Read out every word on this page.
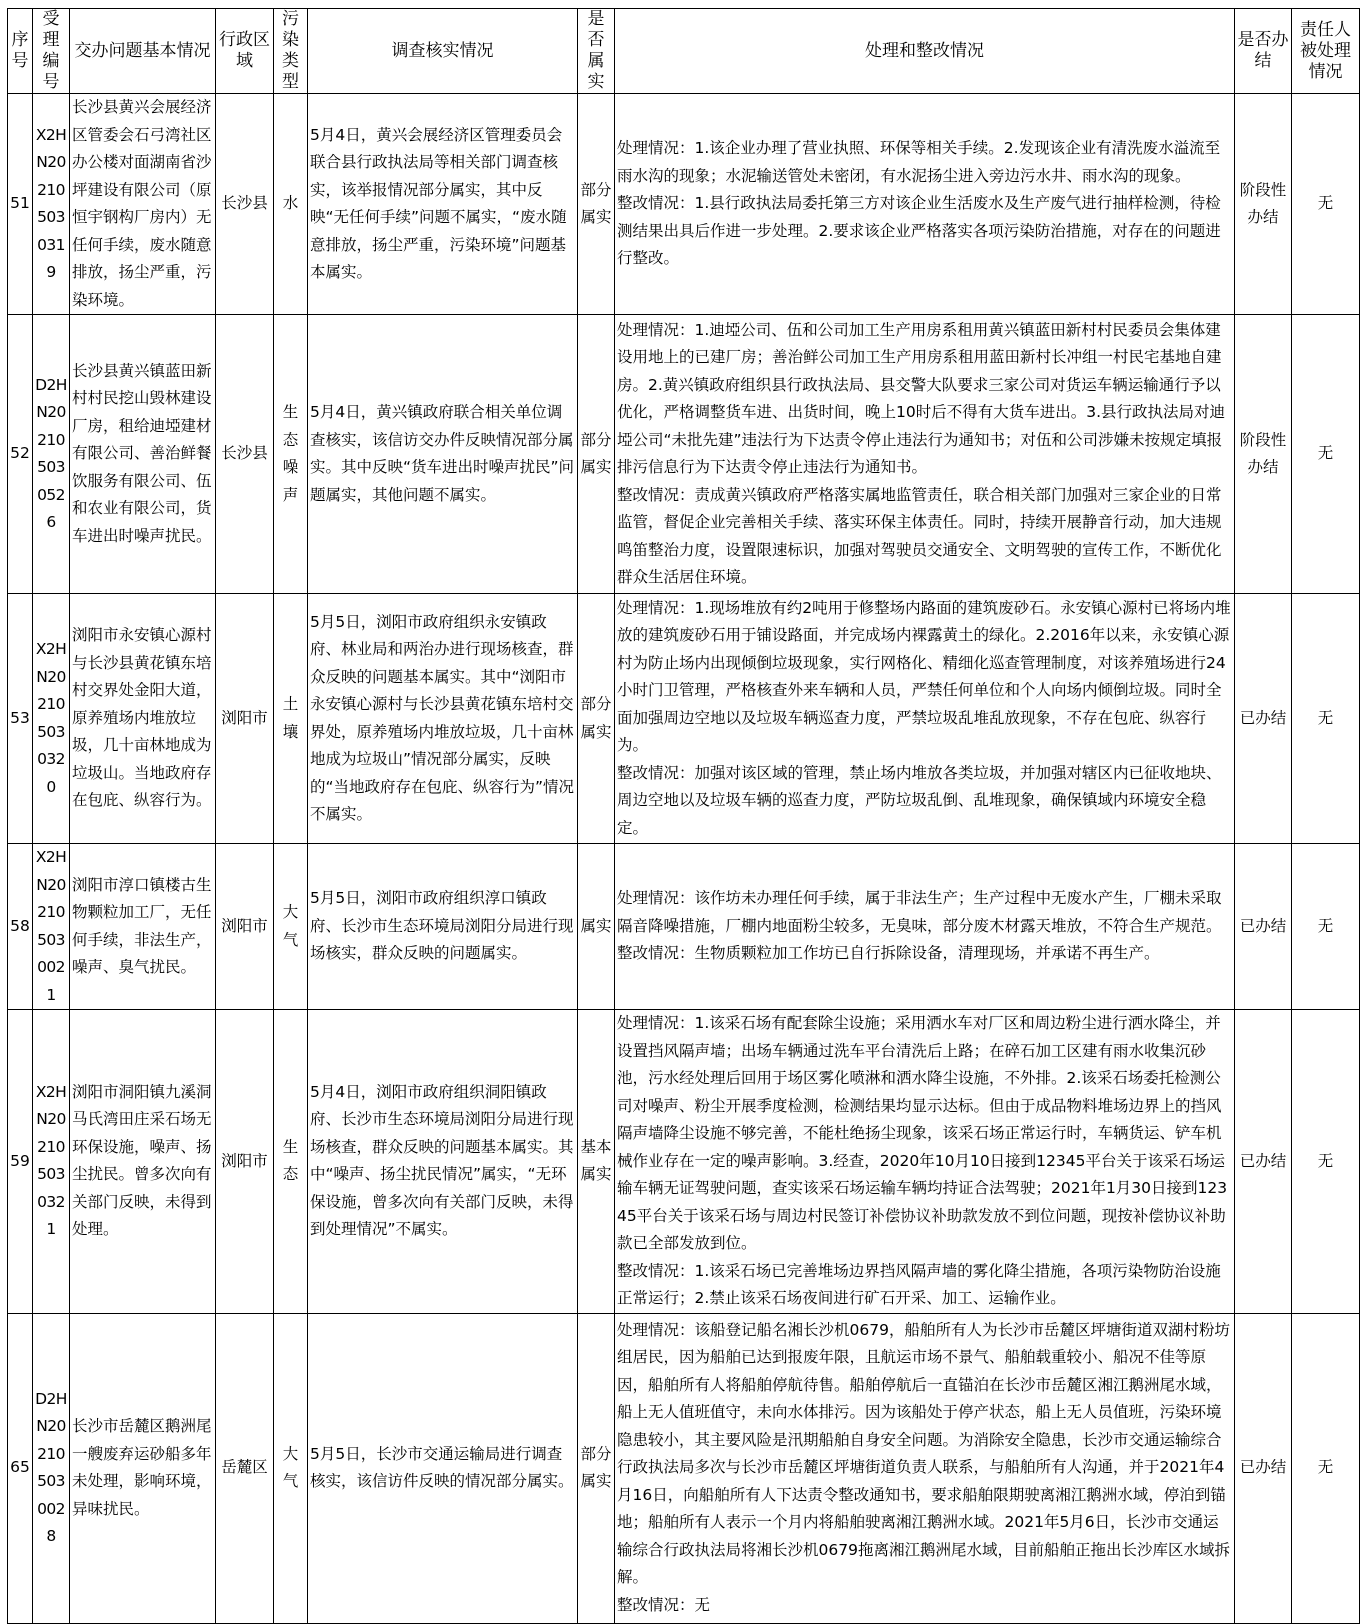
序号	受理编号	交办问题基本情况	行政区域	污染类型	调查核实情况	是否属实	处理和整改情况	是否办结	责任人被处理情况
51	X2HN20210503 0319	长沙县黄兴会展经济区管委会石弓湾社区办公楼对面湖南省沙坪建设有限公司（原恒宇钢构厂房内）无任何手续，废水随意排放，扬尘严重，污染环境。	长沙县	水	5月4日，黄兴会展经济区管理委员会联合县行政执法局等相关部门调查核实，该举报情况部分属实，其中反映“无任何手续”问题不属实，“废水随意排放，扬尘严重，污染环境”问题基本属实。	部分属实	处理情况：1.该企业办理了营业执照、环保等相关手续。2.发现该企业有清洗废水溢流至雨水沟的现象；水泥输送管处未密闭，有水泥扬尘进入旁边污水井、雨水沟的现象。
整改情况：1.县行政执法局委托第三方对该企业生活废水及生产废气进行抽样检测，待检测结果出具后作进一步处理。2.要求该企业严格落实各项污染防治措施，对存在的问题进行整改。	阶段性办结	无
52	D2HN20210503 0526	长沙县黄兴镇蓝田新村村民挖山毁林建设厂房，租给迪埡建材有限公司、善治鲜餐饮服务有限公司、伍和农业有限公司，货车进出时噪声扰民。	长沙县	生态噪声	5月4日，黄兴镇政府联合相关单位调查核实，该信访交办件反映情况部分属实。其中反映“货车进出时噪声扰民”问题属实，其他问题不属实。	部分属实	处理情况：1.迪埡公司、伍和公司加工生产用房系租用黄兴镇蓝田新村村民委员会集体建设用地上的已建厂房；善治鲜公司加工生产用房系租用蓝田新村长冲组一村民宅基地自建房。2.黄兴镇政府组织县行政执法局、县交警大队要求三家公司对货运车辆运输通行予以优化，严格调整货车进、出货时间，晚上10时后不得有大货车进出。3.县行政执法局对迪埡公司“未批先建”违法行为下达责令停止违法行为通知书；对伍和公司涉嫌未按规定填报排污信息行为下达责令停止违法行为通知书。
整改情况：责成黄兴镇政府严格落实属地监管责任，联合相关部门加强对三家企业的日常监管，督促企业完善相关手续、落实环保主体责任。同时，持续开展静音行动，加大违规鸣笛整治力度，设置限速标识，加强对驾驶员交通安全、文明驾驶的宣传工作，不断优化群众生活居住环境。	阶段性办结	无
53	X2HN20210503 0320	浏阳市永安镇心源村与长沙县黄花镇东培村交界处金阳大道，原养殖场内堆放垃圾，几十亩林地成为垃圾山。当地政府存在包庇、纵容行为。	浏阳市	土壤	5月5日，浏阳市政府组织永安镇政府、林业局和两治办进行现场核查，群众反映的问题基本属实。其中“浏阳市永安镇心源村与长沙县黄花镇东培村交界处，原养殖场内堆放垃圾，几十亩林地成为垃圾山”情况部分属实，反映的“当地政府存在包庇、纵容行为”情况不属实。	部分属实	处理情况：1.现场堆放有约2吨用于修整场内路面的建筑废砂石。永安镇心源村已将场内堆放的建筑废砂石用于铺设路面，并完成场内裸露黄土的绿化。2.2016年以来，永安镇心源村为防止场内出现倾倒垃圾现象，实行网格化、精细化巡查管理制度，对该养殖场进行24小时门卫管理，严格核查外来车辆和人员，严禁任何单位和个人向场内倾倒垃圾。同时全面加强周边空地以及垃圾车辆巡查力度，严禁垃圾乱堆乱放现象，不存在包庇、纵容行为。
整改情况：加强对该区域的管理，禁止场内堆放各类垃圾，并加强对辖区内已征收地块、周边空地以及垃圾车辆的巡查力度，严防垃圾乱倒、乱堆现象，确保镇域内环境安全稳定。	已办结	无
58	X2HN20210503 0021	浏阳市淳口镇楼古生物颗粒加工厂，无任何手续，非法生产，噪声、臭气扰民。	浏阳市	大气	5月5日，浏阳市政府组织淳口镇政府、长沙市生态环境局浏阳分局进行现场核实，群众反映的问题属实。	属实	处理情况：该作坊未办理任何手续，属于非法生产；生产过程中无废水产生，厂棚未采取隔音降噪措施，厂棚内地面粉尘较多，无臭味，部分废木材露天堆放，不符合生产规范。
整改情况：生物质颗粒加工作坊已自行拆除设备，清理现场，并承诺不再生产。	已办结	无
59	X2HN20210503 0321	浏阳市洞阳镇九溪洞马氏湾田庄采石场无环保设施，噪声、扬尘扰民。曾多次向有关部门反映，未得到处理。	浏阳市	生态	5月4日，浏阳市政府组织洞阳镇政府、长沙市生态环境局浏阳分局进行现场核查，群众反映的问题基本属实。其中“噪声、扬尘扰民情况”属实，“无环保设施，曾多次向有关部门反映，未得到处理情况”不属实。	基本属实	处理情况：1.该采石场有配套除尘设施；采用洒水车对厂区和周边粉尘进行洒水降尘，并设置挡风隔声墙；出场车辆通过洗车平台清洗后上路；在碎石加工区建有雨水收集沉砂池，污水经处理后回用于场区雾化喷淋和洒水降尘设施，不外排。2.该采石场委托检测公司对噪声、粉尘开展季度检测，检测结果均显示达标。但由于成品物料堆场边界上的挡风隔声墙降尘设施不够完善，不能杜绝扬尘现象，该采石场正常运行时，车辆货运、铲车机械作业存在一定的噪声影响。3.经查，2020年10月10日接到12345平台关于该采石场运输车辆无证驾驶问题，查实该采石场运输车辆均持证合法驾驶；2021年1月30日接到12345平台关于该采石场与周边村民签订补偿协议补助款发放不到位问题，现按补偿协议补助款已全部发放到位。
整改情况：1.该采石场已完善堆场边界挡风隔声墙的雾化降尘措施，各项污染物防治设施正常运行；2.禁止该采石场夜间进行矿石开采、加工、运输作业。	已办结	无
65	D2HN20210503 0028	长沙市岳麓区鹅洲尾一艘废弃运砂船多年未处理，影响环境，异味扰民。	岳麓区	大气	5月5日，长沙市交通运输局进行调查核实，该信访件反映的情况部分属实。	部分属实	处理情况：该船登记船名湘长沙机0679，船舶所有人为长沙市岳麓区坪塘街道双湖村粉坊组居民，因为船舶已达到报废年限，且航运市场不景气、船舶载重较小、船况不佳等原因，船舶所有人将船舶停航待售。船舶停航后一直锚泊在长沙市岳麓区湘江鹅洲尾水域，船上无人值班值守，未向水体排污。因为该船处于停产状态，船上无人员值班，污染环境隐患较小，其主要风险是汛期船舶自身安全问题。为消除安全隐患，长沙市交通运输综合行政执法局多次与长沙市岳麓区坪塘街道负责人联系，与船舶所有人沟通，并于2021年4月16日，向船舶所有人下达责令整改通知书，要求船舶限期驶离湘江鹅洲水域，停泊到锚地；船舶所有人表示一个月内将船舶驶离湘江鹅洲水域。2021年5月6日，长沙市交通运输综合行政执法局将湘长沙机0679拖离湘江鹅洲尾水域，目前船舶正拖出长沙库区水域拆解。
整改情况：无	已办结	无
